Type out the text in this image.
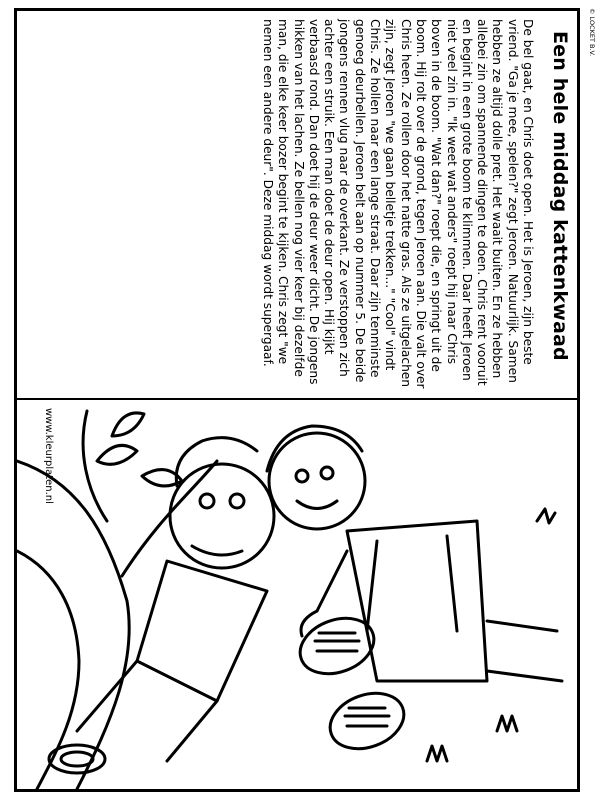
© LOCKET B.V.
Een hele middag kattenkwaad

De bel gaat, en Chris doet open. Het is Jeroen, zijn beste vriend. "Ga je mee, spelen?" zegt Jeroen. Natuurlijk. Samen hebben ze altijd dolle pret. Het waait buiten. En ze hebben allebei zin om spannende dingen te doen. Chris rent vooruit en begint in een grote boom te klimmen. Daar heeft Jeroen niet veel zin in. "Ik weet wat anders" roept hij naar Chris boven in de boom. "Wat dan?" roept die, en springt uit de boom. Hij rolt over de grond, tegen Jeroen aan. Die valt over Chris heen. Ze rollen door het natte gras. Als ze uitgelachen zijn, zegt Jeroen "we gaan belletje trekken..." "Cool" vindt Chris. Ze hollen naar een lange straat. Daar zijn tenminste genoeg deurbellen. Jeroen belt aan op nummer 5. De beide jongens rennen vlug naar de overkant. Ze verstoppen zich achter een struik. Een man doet de deur open. Hij kijkt verbaasd rond. Dan doet hij de deur weer dicht. De jongens hikken van het lachen. Ze bellen nog vier keer bij dezelfde man, die elke keer bozer begint te kijken. Chris zegt "we nemen een andere deur". Deze middag wordt supergaaf.

www.kleurplaten.nl
